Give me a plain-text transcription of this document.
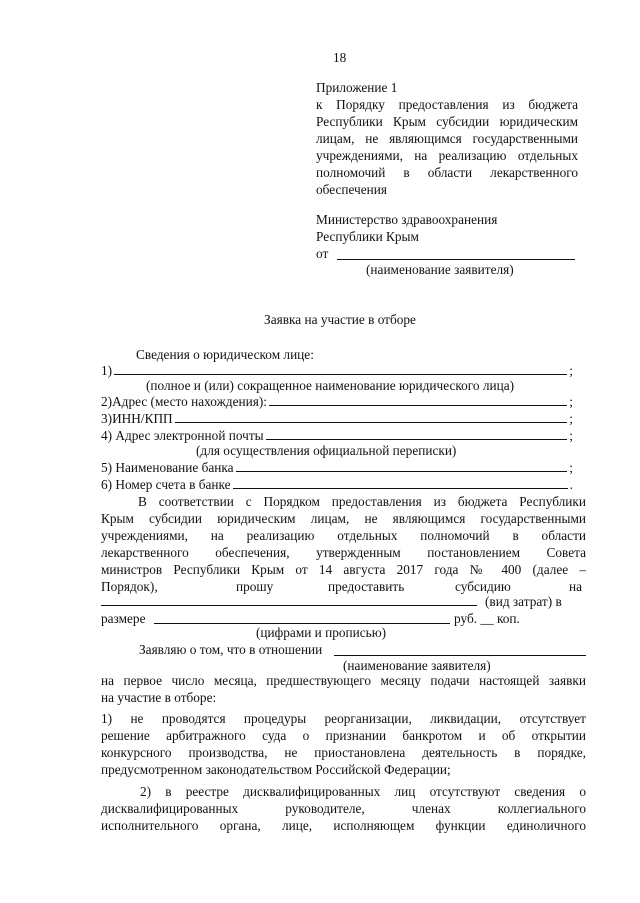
18
Приложение 1
к Порядку предоставления из бюджета
Республики Крым субсидии юридическим
лицам, не являющимся государственными
учреждениями, на реализацию отдельных
полномочий в области лекарственного
обеспечения
Министерство здравоохранения
Республики Крым
от
(наименование заявителя)
Заявка на участие в отборе
Сведения о юридическом лице:
1)	;
(полное и (или) сокращенное наименование юридического лица)
2)Адрес (место нахождения):	;
3)ИНН/КПП	;
4) Адрес электронной почты	;
(для осуществления официальной переписки)
5) Наименование банка	;
6) Номер счета в банке	.
В соответствии с Порядком предоставления из бюджета Республики
Крым субсидии юридическим лицам, не являющимся государственными
учреждениями, на реализацию отдельных полномочий в области
лекарственного обеспечения, утвержденным постановлением Совета
министров Республики Крым от 14 августа 2017 года № 400 (далее –
Порядок),	прошу	предоставить	субсидию	на
(вид затрат) в
размере	руб. __ коп.
(цифрами и прописью)
Заявляю о том, что в отношении
(наименование заявителя)
на первое число месяца, предшествующего месяцу подачи настоящей заявки
на участие в отборе:
1) не проводятся процедуры реорганизации, ликвидации, отсутствует
решение арбитражного суда о признании банкротом и об открытии
конкурсного производства, не приостановлена деятельность в порядке,
предусмотренном законодательством Российской Федерации;
2) в реестре дисквалифицированных лиц отсутствуют сведения о
дисквалифицированных руководителе, членах коллегиального
исполнительного органа, лице, исполняющем функции единоличного
